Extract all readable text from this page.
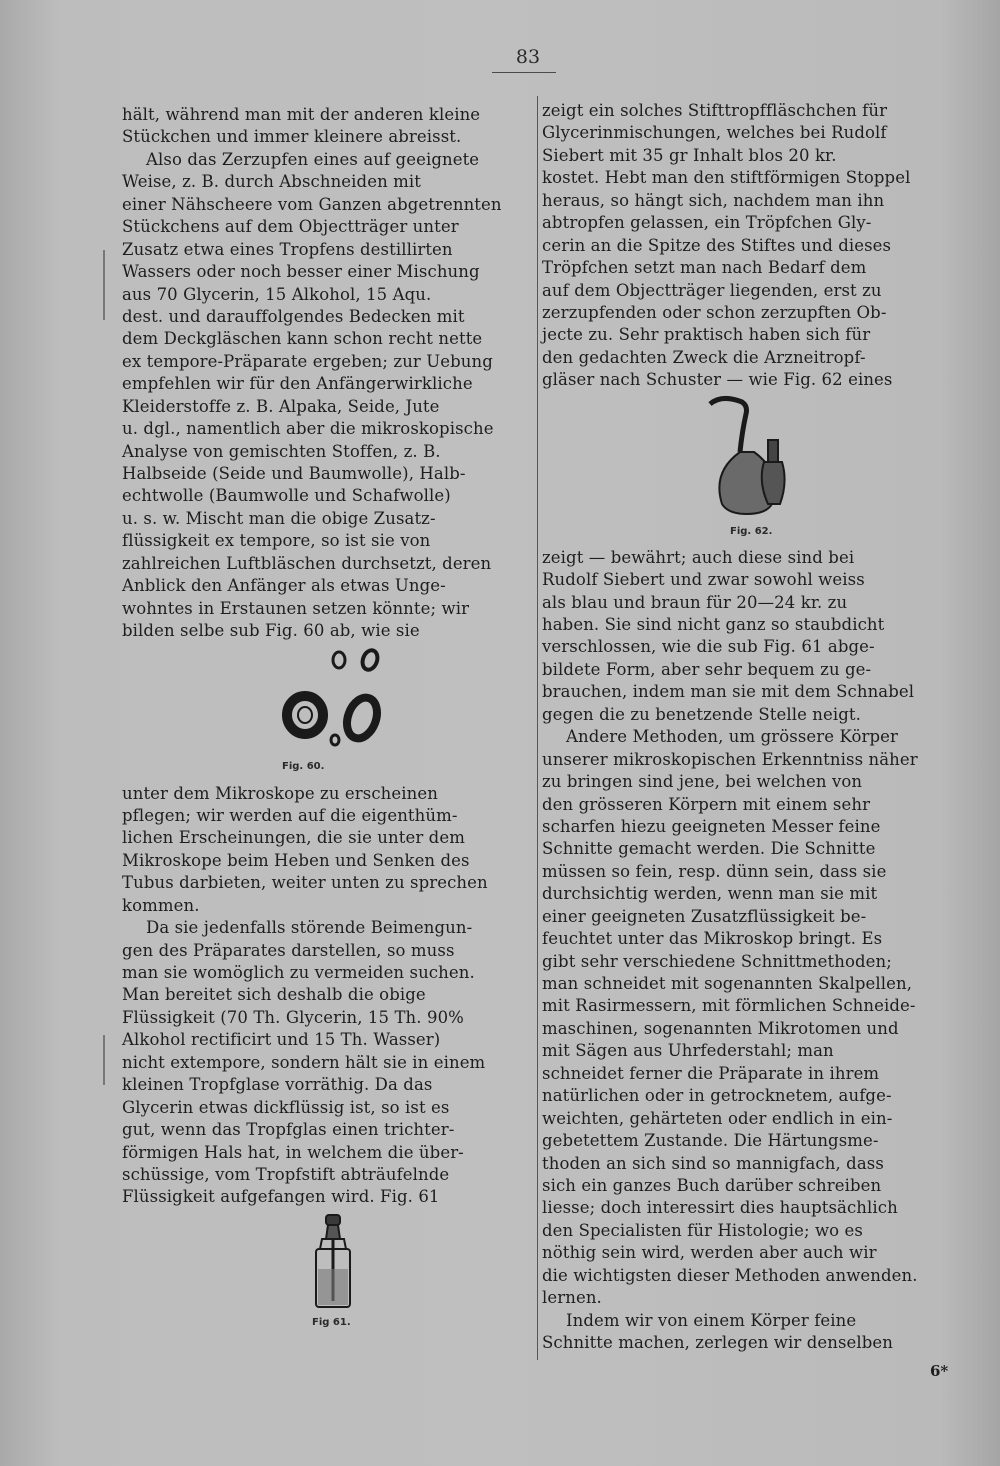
83
hält, während man mit der anderen kleine
Stückchen und immer kleinere abreisst.
Also das Zerzupfen eines auf geeignete
Weise, z. B. durch Abschneiden mit
einer Nähscheere vom Ganzen abgetrennten
Stückchens auf dem Objectträger unter
Zusatz etwa eines Tropfens destillirten
Wassers oder noch besser einer Mischung
aus 70 Glycerin, 15 Alkohol, 15 Aqu.
dest. und darauffolgendes Bedecken mit
dem Deckgläschen kann schon recht nette
ex tempore-Präparate ergeben; zur Uebung
empfehlen wir für den Anfängerwirkliche
Kleiderstoffe z. B. Alpaka, Seide, Jute
u. dgl., namentlich aber die mikroskopische
Analyse von gemischten Stoffen, z. B.
Halbseide (Seide und Baumwolle), Halb-
echtwolle (Baumwolle und Schafwolle)
u. s. w. Mischt man die obige Zusatz-
flüssigkeit ex tempore, so ist sie von
zahlreichen Luftbläschen durchsetzt, deren
Anblick den Anfänger als etwas Unge-
wohntes in Erstaunen setzen könnte; wir
bilden selbe sub Fig. 60 ab, wie sie
Fig. 60.
unter dem Mikroskope zu erscheinen
pflegen; wir werden auf die eigenthüm-
lichen Erscheinungen, die sie unter dem
Mikroskope beim Heben und Senken des
Tubus darbieten, weiter unten zu sprechen
kommen.
Da sie jedenfalls störende Beimengun-
gen des Präparates darstellen, so muss
man sie womöglich zu vermeiden suchen.
Man bereitet sich deshalb die obige
Flüssigkeit (70 Th. Glycerin, 15 Th. 90%
Alkohol rectificirt und 15 Th. Wasser)
nicht extempore, sondern hält sie in einem
kleinen Tropfglase vorräthig. Da das
Glycerin etwas dickflüssig ist, so ist es
gut, wenn das Tropfglas einen trichter-
förmigen Hals hat, in welchem die über-
schüssige, vom Tropfstift abträufelnde
Flüssigkeit aufgefangen wird. Fig. 61
Fig 61.
zeigt ein solches Stifttropffläschchen für
Glycerinmischungen, welches bei Rudolf
Siebert mit 35 gr Inhalt blos 20 kr.
kostet. Hebt man den stiftförmigen Stoppel
heraus, so hängt sich, nachdem man ihn
abtropfen gelassen, ein Tröpfchen Gly-
cerin an die Spitze des Stiftes und dieses
Tröpfchen setzt man nach Bedarf dem
auf dem Objectträger liegenden, erst zu
zerzupfenden oder schon zerzupften Ob-
jecte zu. Sehr praktisch haben sich für
den gedachten Zweck die Arzneitropf-
gläser nach Schuster — wie Fig. 62 eines
Fig. 62.
zeigt — bewährt; auch diese sind bei
Rudolf Siebert und zwar sowohl weiss
als blau und braun für 20—24 kr. zu
haben. Sie sind nicht ganz so staubdicht
verschlossen, wie die sub Fig. 61 abge-
bildete Form, aber sehr bequem zu ge-
brauchen, indem man sie mit dem Schnabel
gegen die zu benetzende Stelle neigt.
Andere Methoden, um grössere Körper
unserer mikroskopischen Erkenntniss näher
zu bringen sind jene, bei welchen von
den grösseren Körpern mit einem sehr
scharfen hiezu geeigneten Messer feine
Schnitte gemacht werden. Die Schnitte
müssen so fein, resp. dünn sein, dass sie
durchsichtig werden, wenn man sie mit
einer geeigneten Zusatzflüssigkeit be-
feuchtet unter das Mikroskop bringt. Es
gibt sehr verschiedene Schnittmethoden;
man schneidet mit sogenannten Skalpellen,
mit Rasirmessern, mit förmlichen Schneide-
maschinen, sogenannten Mikrotomen und
mit Sägen aus Uhrfederstahl; man
schneidet ferner die Präparate in ihrem
natürlichen oder in getrocknetem, aufge-
weichten, gehärteten oder endlich in ein-
gebetettem Zustande. Die Härtungsme-
thoden an sich sind so mannigfach, dass
sich ein ganzes Buch darüber schreiben
liesse; doch interessirt dies hauptsächlich
den Specialisten für Histologie; wo es
nöthig sein wird, werden aber auch wir
die wichtigsten dieser Methoden anwenden.
lernen.
Indem wir von einem Körper feine
Schnitte machen, zerlegen wir denselben
6*
